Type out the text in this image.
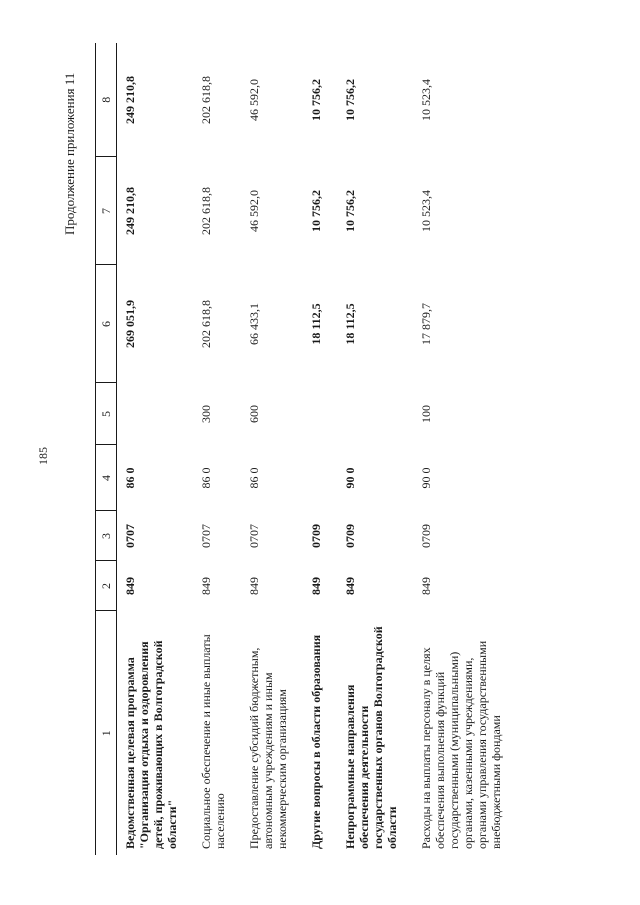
185
Продолжение приложения 11
1	2	3	4	5	6	7	8
Ведомственная целевая программа "Организация отдыха и оздоровления детей, проживающих в Волгоградской области"	849	0707	86 0		269 051,9	249 210,8	249 210,8
Социальное обеспечение и иные выплаты населению	849	0707	86 0	300	202 618,8	202 618,8	202 618,8
Предоставление субсидий бюджетным, автономным учреждениям и иным некоммерческим организациям	849	0707	86 0	600	66 433,1	46 592,0	46 592,0
Другие вопросы в области образования	849	0709			18 112,5	10 756,2	10 756,2
Непрограммные направления обеспечения деятельности государственных органов Волгоградской области	849	0709	90 0		18 112,5	10 756,2	10 756,2
Расходы на выплаты персоналу в целях обеспечения выполнения функций государственными (муниципальными) органами, казенными учреждениями, органами управления государственными внебюджетными фондами	849	0709	90 0	100	17 879,7	10 523,4	10 523,4
